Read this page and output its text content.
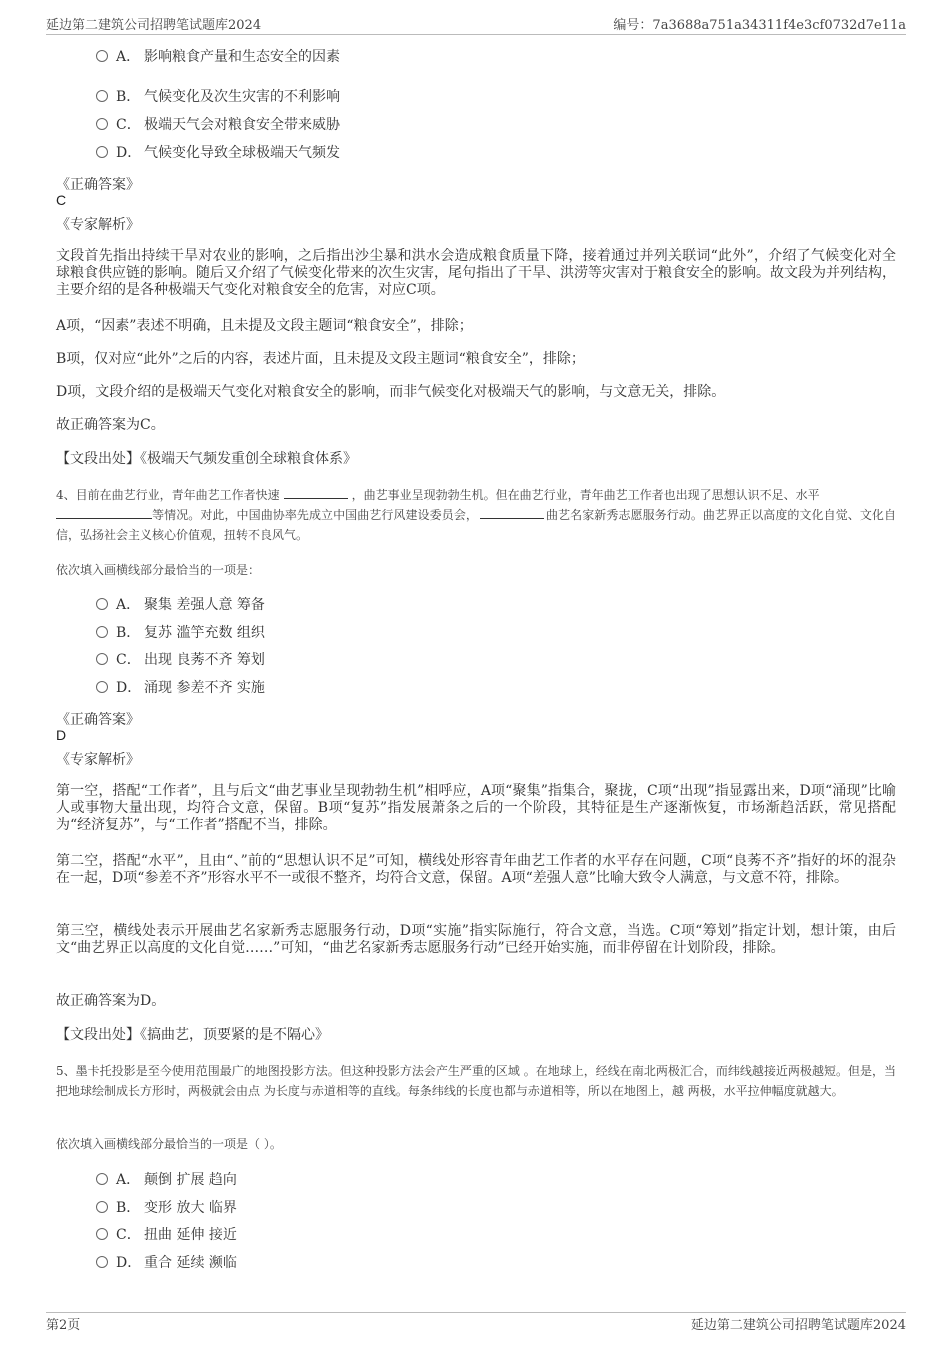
延边第二建筑公司招聘笔试题库2024	编号：7a3688a751a34311f4e3cf0732d7e11a
A． 影响粮食产量和生态安全的因素
B． 气候变化及次生灾害的不利影响
C． 极端天气会对粮食安全带来威胁
D． 气候变化导致全球极端天气频发
《正确答案》
C
《专家解析》
文段首先指出持续干旱对农业的影响，之后指出沙尘暴和洪水会造成粮食质量下降，接着通过并列关联词“此外”，介绍了气候变化对全球粮食供应链的影响。随后又介绍了气候变化带来的次生灾害，尾句指出了干旱、洪涝等灾害对于粮食安全的影响。故文段为并列结构，主要介绍的是各种极端天气变化对粮食安全的危害，对应C项。
A项，“因素”表述不明确，且未提及文段主题词“粮食安全”，排除；
B项，仅对应“此外”之后的内容，表述片面，且未提及文段主题词“粮食安全”，排除；
D项，文段介绍的是极端天气变化对粮食安全的影响，而非气候变化对极端天气的影响，与文意无关，排除。
故正确答案为C。
【文段出处】《极端天气频发重创全球粮食体系》
4、目前在曲艺行业，青年曲艺工作者快速	，曲艺事业呈现勃勃生机。但在曲艺行业，青年曲艺工作者也出现了思想认识不足、水平
等情况。对此，中国曲协率先成立中国曲艺行风建设委员会，	曲艺名家新秀志愿服务行动。曲艺界正以高度的文化自觉、文化自信，弘扬社会主义核心价值观，扭转不良风气。
依次填入画横线部分最恰当的一项是：
A． 聚集 差强人意 筹备
B． 复苏 滥竽充数 组织
C． 出现 良莠不齐 筹划
D． 涌现 参差不齐 实施
《正确答案》
D
《专家解析》
第一空，搭配“工作者”，且与后文“曲艺事业呈现勃勃生机”相呼应，A项“聚集”指集合，聚拢，C项“出现”指显露出来，D项“涌现”比喻人或事物大量出现，均符合文意，保留。B项“复苏”指发展萧条之后的一个阶段，其特征是生产逐渐恢复，市场渐趋活跃，常见搭配为“经济复苏”，与“工作者”搭配不当，排除。
第二空，搭配“水平”，且由“、”前的“思想认识不足”可知，横线处形容青年曲艺工作者的水平存在问题，C项“良莠不齐”指好的坏的混杂在一起，D项“参差不齐”形容水平不一或很不整齐，均符合文意，保留。A项“差强人意”比喻大致令人满意，与文意不符，排除。
第三空，横线处表示开展曲艺名家新秀志愿服务行动，D项“实施”指实际施行，符合文意，当选。C项“筹划”指定计划，想计策，由后文“曲艺界正以高度的文化自觉……”可知，“曲艺名家新秀志愿服务行动”已经开始实施，而非停留在计划阶段，排除。
故正确答案为D。
【文段出处】《搞曲艺，顶要紧的是不隔心》
5、墨卡托投影是至今使用范围最广的地图投影方法。但这种投影方法会产生严重的区域 。在地球上，经线在南北两极汇合，而纬线越接近两极越短。但是，当把地球绘制成长方形时，两极就会由点 为长度与赤道相等的直线。每条纬线的长度也都与赤道相等，所以在地图上，越 两极，水平拉伸幅度就越大。
依次填入画横线部分最恰当的一项是（ ）。
A． 颠倒 扩展 趋向
B． 变形 放大 临界
C． 扭曲 延伸 接近
D． 重合 延续 濒临
第2页	延边第二建筑公司招聘笔试题库2024
